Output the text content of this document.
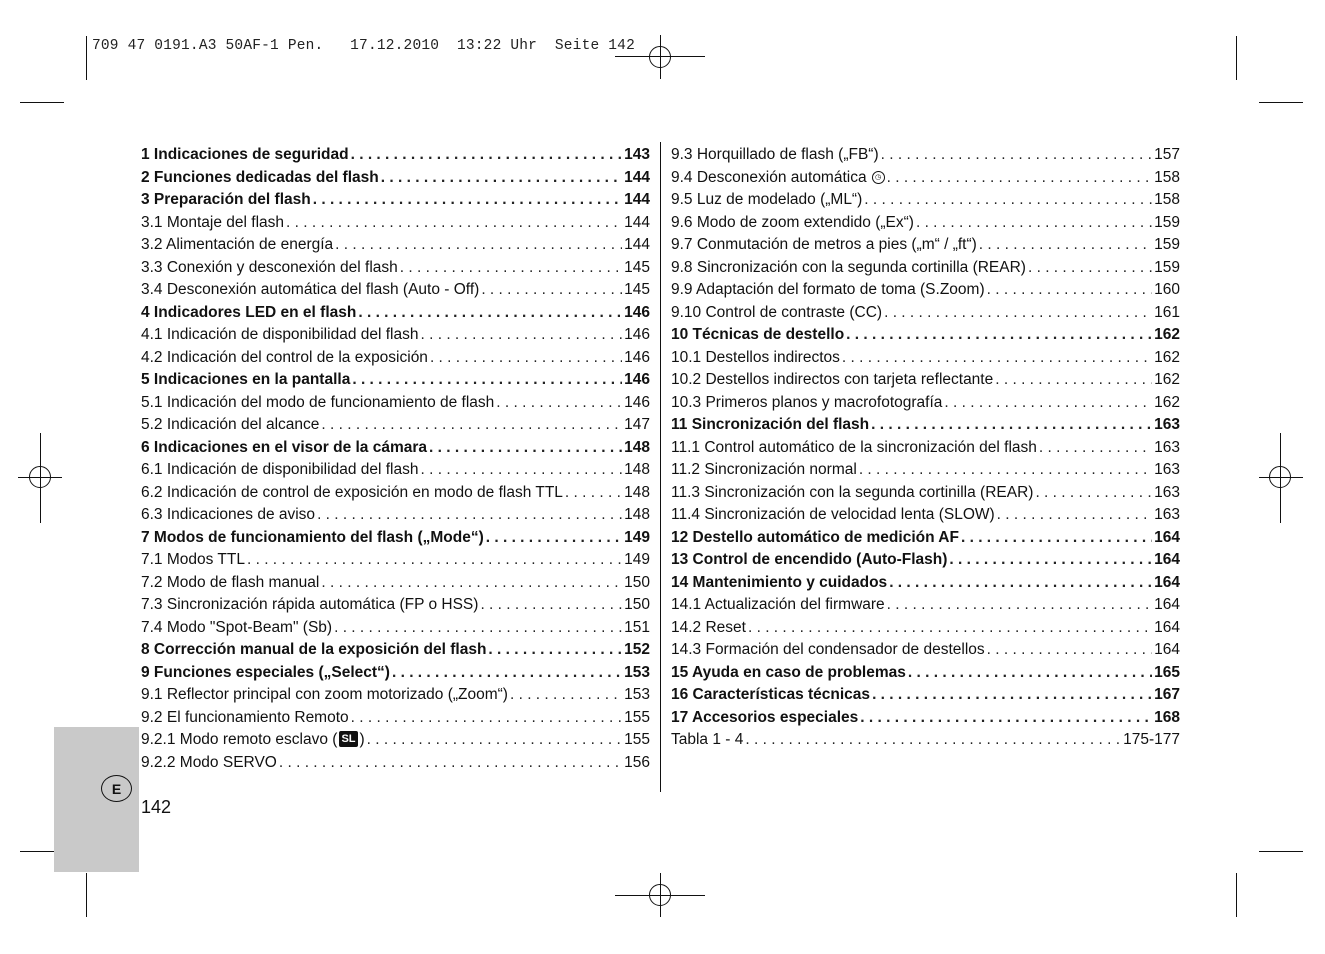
709 47 0191.A3 50AF-1 Pen.   17.12.2010  13:22 Uhr  Seite 142
E
142
1 Indicaciones de seguridad . . .	143
2 Funciones dedicadas del flash . . .	144
3 Preparación del flash . . .	144
3.1 Montaje del flash . . .	144
3.2 Alimentación de energía . . .	144
3.3 Conexión y desconexión del flash . . .	145
3.4 Desconexión automática del flash (Auto - Off) . . .	145
4 Indicadores LED en el flash . . .	146
4.1 Indicación de disponibilidad del flash . . .	146
4.2 Indicación del control de la exposición . . .	146
5 Indicaciones en la pantalla . . .	146
5.1 Indicación del modo de funcionamiento de flash . . .	146
5.2 Indicación del alcance . . .	147
6 Indicaciones en el visor de la cámara . . .	148
6.1 Indicación de disponibilidad del flash . . .	148
6.2 Indicación de control de exposición en modo de flash TTL . . .	148
6.3 Indicaciones de aviso . . .	148
7 Modos de funcionamiento del flash („Mode“) . . .	149
7.1 Modos TTL . . .	149
7.2 Modo de flash manual . . .	150
7.3 Sincronización rápida automática (FP o HSS) . . .	150
7.4 Modo "Spot-Beam" (Sb) . . .	151
8 Corrección manual de la exposición del flash . . .	152
9 Funciones especiales („Select“) . . .	153
9.1 Reflector principal con zoom motorizado („Zoom“) . . .	153
9.2 El funcionamiento Remoto . . .	155
9.2.1 Modo remoto esclavo ( SL ) . . .	155
9.2.2 Modo SERVO . . .	156
9.3 Horquillado de flash („FB“) . . .	157
9.4 Desconexión automática ◷ . . .	158
9.5 Luz de modelado („ML“) . . .	158
9.6 Modo de zoom extendido („Ex“) . . .	159
9.7 Conmutación de metros a pies („m“ / „ft“) . . .	159
9.8 Sincronización con la segunda cortinilla (REAR) . . .	159
9.9 Adaptación del formato de toma (S.Zoom) . . .	160
9.10 Control de contraste (CC) . . .	161
10 Técnicas de destello . . .	162
10.1 Destellos indirectos . . .	162
10.2 Destellos indirectos con tarjeta reflectante . . .	162
10.3 Primeros planos y macrofotografía . . .	162
11 Sincronización del flash . . .	163
11.1 Control automático de la sincronización del flash . . .	163
11.2 Sincronización normal . . .	163
11.3 Sincronización con la segunda cortinilla (REAR) . . .	163
11.4 Sincronización de velocidad lenta (SLOW) . . .	163
12 Destello automático de medición AF . . .	164
13 Control de encendido (Auto-Flash) . . .	164
14 Mantenimiento y cuidados . . .	164
14.1 Actualización del firmware . . .	164
14.2 Reset . . .	164
14.3 Formación del condensador de destellos . . .	164
15 Ayuda en caso de problemas . . .	165
16 Características técnicas . . .	167
17 Accesorios especiales . . .	168
Tabla 1 - 4 . . .	175-177
